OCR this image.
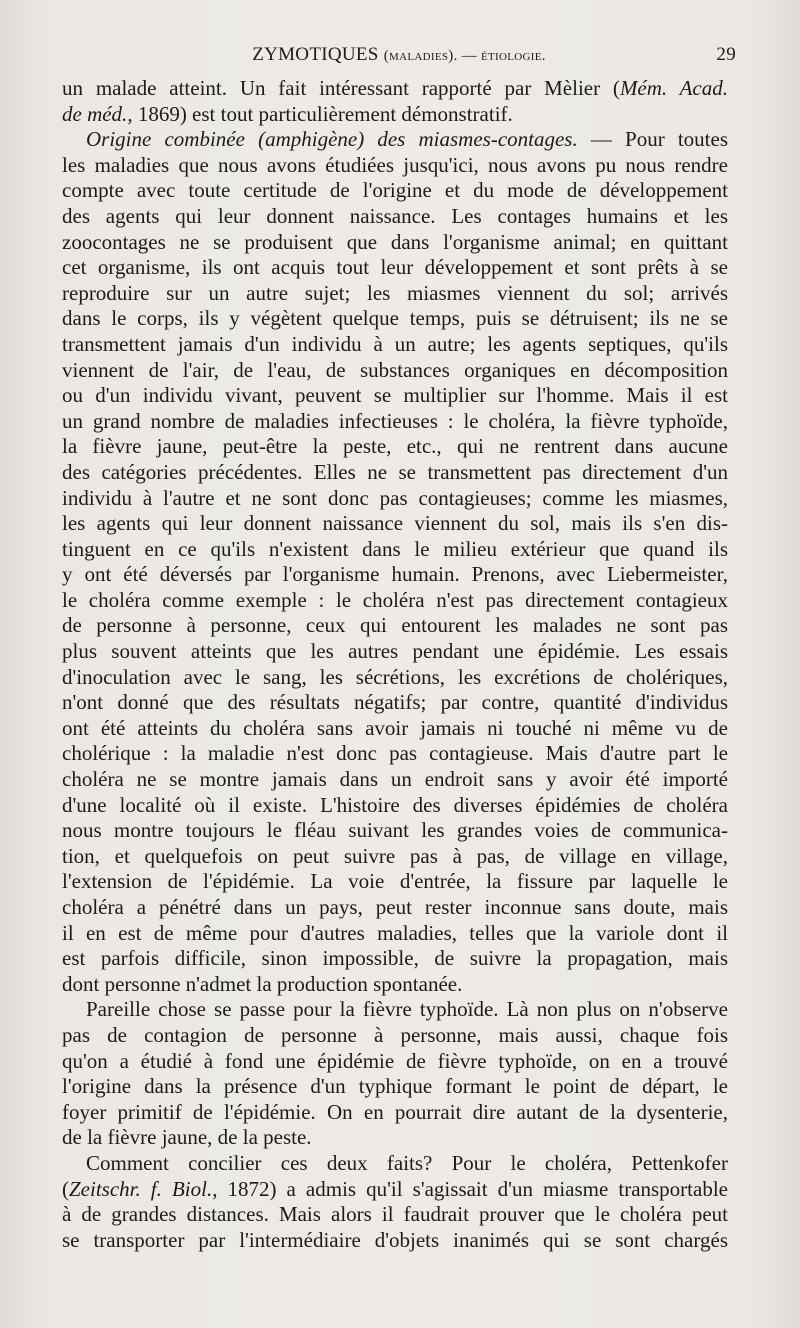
ZYMOTIQUES (maladies). — étiologie.	29
un malade atteint. Un fait intéressant rapporté par Mèlier (Mém. Acad.
de méd., 1869) est tout particulièrement démonstratif.
Origine combinée (amphigène) des miasmes-contages. — Pour toutes
les maladies que nous avons étudiées jusqu'ici, nous avons pu nous rendre
compte avec toute certitude de l'origine et du mode de développement
des agents qui leur donnent naissance. Les contages humains et les
zoocontages ne se produisent que dans l'organisme animal; en quittant
cet organisme, ils ont acquis tout leur développement et sont prêts à se
reproduire sur un autre sujet; les miasmes viennent du sol; arrivés
dans le corps, ils y végètent quelque temps, puis se détruisent; ils ne se
transmettent jamais d'un individu à un autre; les agents septiques, qu'ils
viennent de l'air, de l'eau, de substances organiques en décomposition
ou d'un individu vivant, peuvent se multiplier sur l'homme. Mais il est
un grand nombre de maladies infectieuses : le choléra, la fièvre typhoïde,
la fièvre jaune, peut-être la peste, etc., qui ne rentrent dans aucune
des catégories précédentes. Elles ne se transmettent pas directement d'un
individu à l'autre et ne sont donc pas contagieuses; comme les miasmes,
les agents qui leur donnent naissance viennent du sol, mais ils s'en dis-
tinguent en ce qu'ils n'existent dans le milieu extérieur que quand ils
y ont été déversés par l'organisme humain. Prenons, avec Liebermeister,
le choléra comme exemple : le choléra n'est pas directement contagieux
de personne à personne, ceux qui entourent les malades ne sont pas
plus souvent atteints que les autres pendant une épidémie. Les essais
d'inoculation avec le sang, les sécrétions, les excrétions de cholériques,
n'ont donné que des résultats négatifs; par contre, quantité d'individus
ont été atteints du choléra sans avoir jamais ni touché ni même vu de
cholérique : la maladie n'est donc pas contagieuse. Mais d'autre part le
choléra ne se montre jamais dans un endroit sans y avoir été importé
d'une localité où il existe. L'histoire des diverses épidémies de choléra
nous montre toujours le fléau suivant les grandes voies de communica-
tion, et quelquefois on peut suivre pas à pas, de village en village,
l'extension de l'épidémie. La voie d'entrée, la fissure par laquelle le
choléra a pénétré dans un pays, peut rester inconnue sans doute, mais
il en est de même pour d'autres maladies, telles que la variole dont il
est parfois difficile, sinon impossible, de suivre la propagation, mais
dont personne n'admet la production spontanée.
Pareille chose se passe pour la fièvre typhoïde. Là non plus on n'observe
pas de contagion de personne à personne, mais aussi, chaque fois
qu'on a étudié à fond une épidémie de fièvre typhoïde, on en a trouvé
l'origine dans la présence d'un typhique formant le point de départ, le
foyer primitif de l'épidémie. On en pourrait dire autant de la dysenterie,
de la fièvre jaune, de la peste.
Comment concilier ces deux faits? Pour le choléra, Pettenkofer
(Zeitschr. f. Biol., 1872) a admis qu'il s'agissait d'un miasme transportable
à de grandes distances. Mais alors il faudrait prouver que le choléra peut
se transporter par l'intermédiaire d'objets inanimés qui se sont chargés
